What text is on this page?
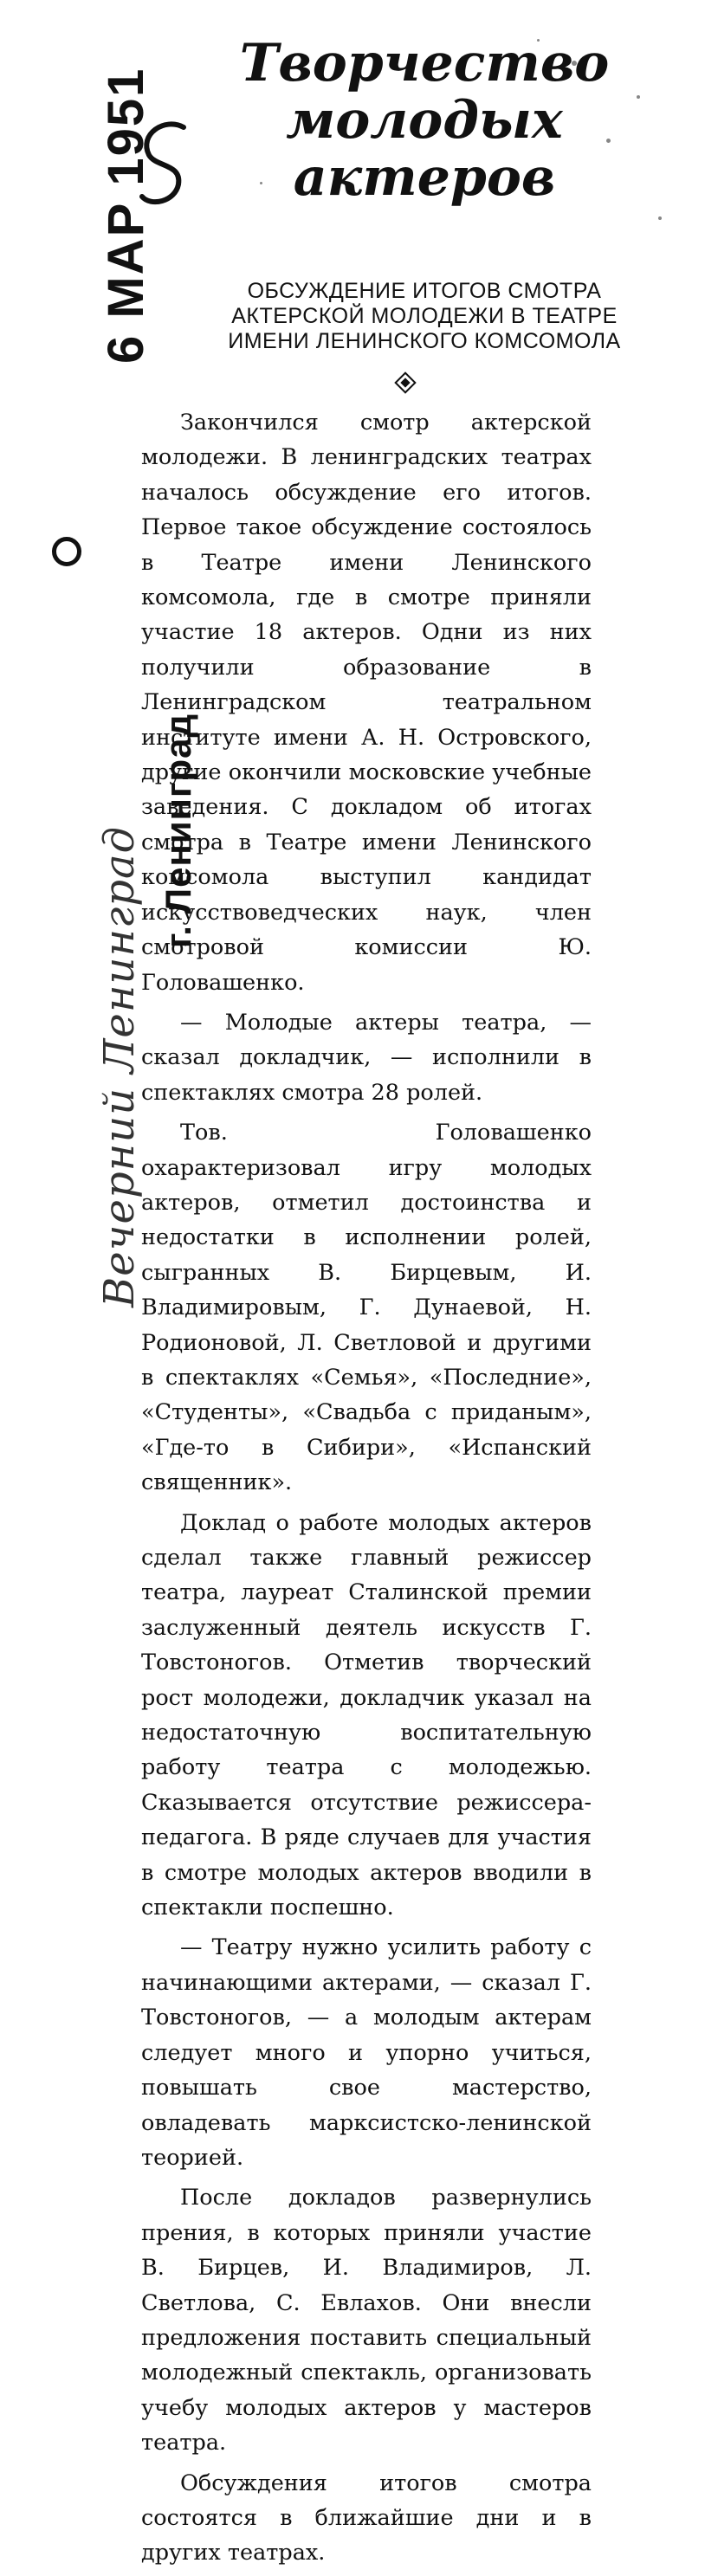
6 МАР 1951
Вечерний Ленинград г. Ленинград
Творчество молодых актеров
ОБСУЖДЕНИЕ ИТОГОВ СМОТРА АКТЕРСКОЙ МОЛОДЕЖИ В ТЕАТРЕ ИМЕНИ ЛЕНИНСКОГО КОМСОМОЛА

Закончился смотр актерской молодежи. В ленинградских театрах началось обсуждение его итогов. Первое такое обсуждение состоялось в Театре имени Ленинского комсомола, где в смотре приняли участие 18 актеров. Одни из них получили образование в Ленинградском театральном институте имени А. Н. Островского, другие окончили московские учебные заведения. С докладом об итогах смотра в Театре имени Ленинского комсомола выступил кандидат искусствоведческих наук, член смотровой комиссии Ю. Головашенко.

— Молодые актеры театра, — сказал докладчик, — исполнили в спектаклях смотра 28 ролей.

Тов. Головашенко охарактеризовал игру молодых актеров, отметил достоинства и недостатки в исполнении ролей, сыгранных В. Бирцевым, И. Владимировым, Г. Дунаевой, Н. Родионовой, Л. Светловой и другими в спектаклях «Семья», «Последние», «Студенты», «Свадьба с приданым», «Где-то в Сибири», «Испанский священник».

Доклад о работе молодых актеров сделал также главный режиссер театра, лауреат Сталинской премии заслуженный деятель искусств Г. Товстоногов. Отметив творческий рост молодежи, докладчик указал на недостаточную воспитательную работу театра с молодежью. Сказывается отсутствие режиссера-педагога. В ряде случаев для участия в смотре молодых актеров вводили в спектакли поспешно.

— Театру нужно усилить работу с начинающими актерами, — сказал Г. Товстоногов, — а молодым актерам следует много и упорно учиться, повышать свое мастерство, овладевать марксистско-ленинской теорией.

После докладов развернулись прения, в которых приняли участие В. Бирцев, И. Владимиров, Л. Светлова, С. Евлахов. Они внесли предложения поставить специальный молодежный спектакль, организовать учебу молодых актеров у мастеров театра.

Обсуждения итогов смотра состоятся в ближайшие дни и в других театрах.
